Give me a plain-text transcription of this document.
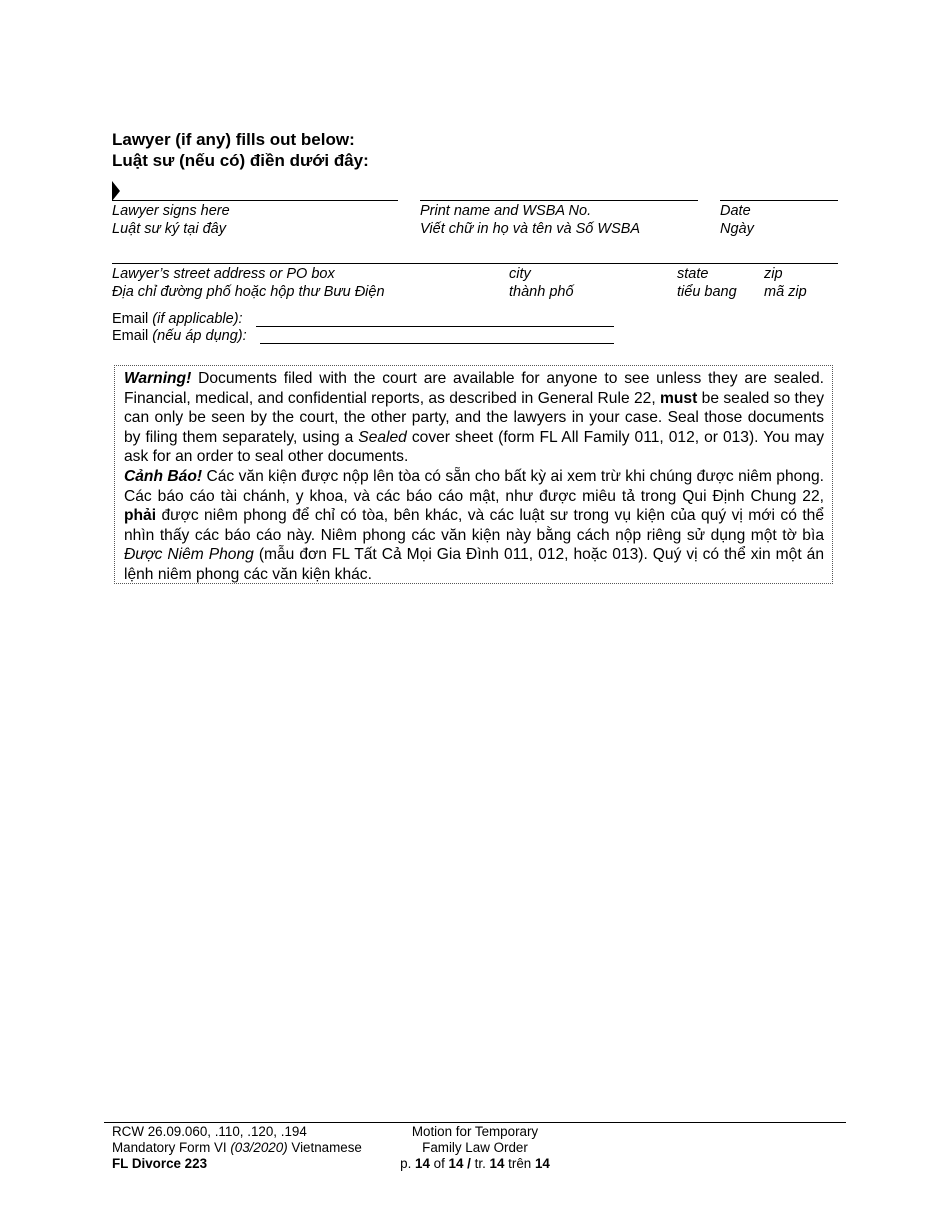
Lawyer (if any) fills out below:
Luật sư (nếu có) điền dưới đây:
Lawyer signs here
Luật sư ký tại đây
Print name and WSBA No.
Viết chữ in họ và tên và Số WSBA
Date
Ngày
Lawyer’s street address or PO box
Địa chỉ đường phố hoặc hộp thư Bưu Điện
city
thành phố
state
tiểu bang
zip
mã zip
Email (if applicable):
Email (nếu áp dụng):

Warning! Documents filed with the court are available for anyone to see unless they are sealed. Financial, medical, and confidential reports, as described in General Rule 22, must be sealed so they can only be seen by the court, the other party, and the lawyers in your case. Seal those documents by filing them separately, using a Sealed cover sheet (form FL All Family 011, 012, or 013). You may ask for an order to seal other documents.

Cảnh Báo! Các văn kiện được nộp lên tòa có sẵn cho bất kỳ ai xem trừ khi chúng được niêm phong. Các báo cáo tài chánh, y khoa, và các báo cáo mật, như được miêu tả trong Qui Định Chung 22, phải được niêm phong để chỉ có tòa, bên khác, và các luật sư trong vụ kiện của quý vị mới có thể nhìn thấy các báo cáo này. Niêm phong các văn kiện này bằng cách nộp riêng sử dụng một tờ bìa Được Niêm Phong (mẫu đơn FL Tất Cả Mọi Gia Đình 011, 012, hoặc 013). Quý vị có thể xin một án lệnh niêm phong các văn kiện khác.

RCW 26.09.060, .110, .120, .194
Mandatory Form VI (03/2020) Vietnamese
FL Divorce 223
Motion for Temporary
Family Law Order
p. 14 of 14 / tr. 14 trên 14
